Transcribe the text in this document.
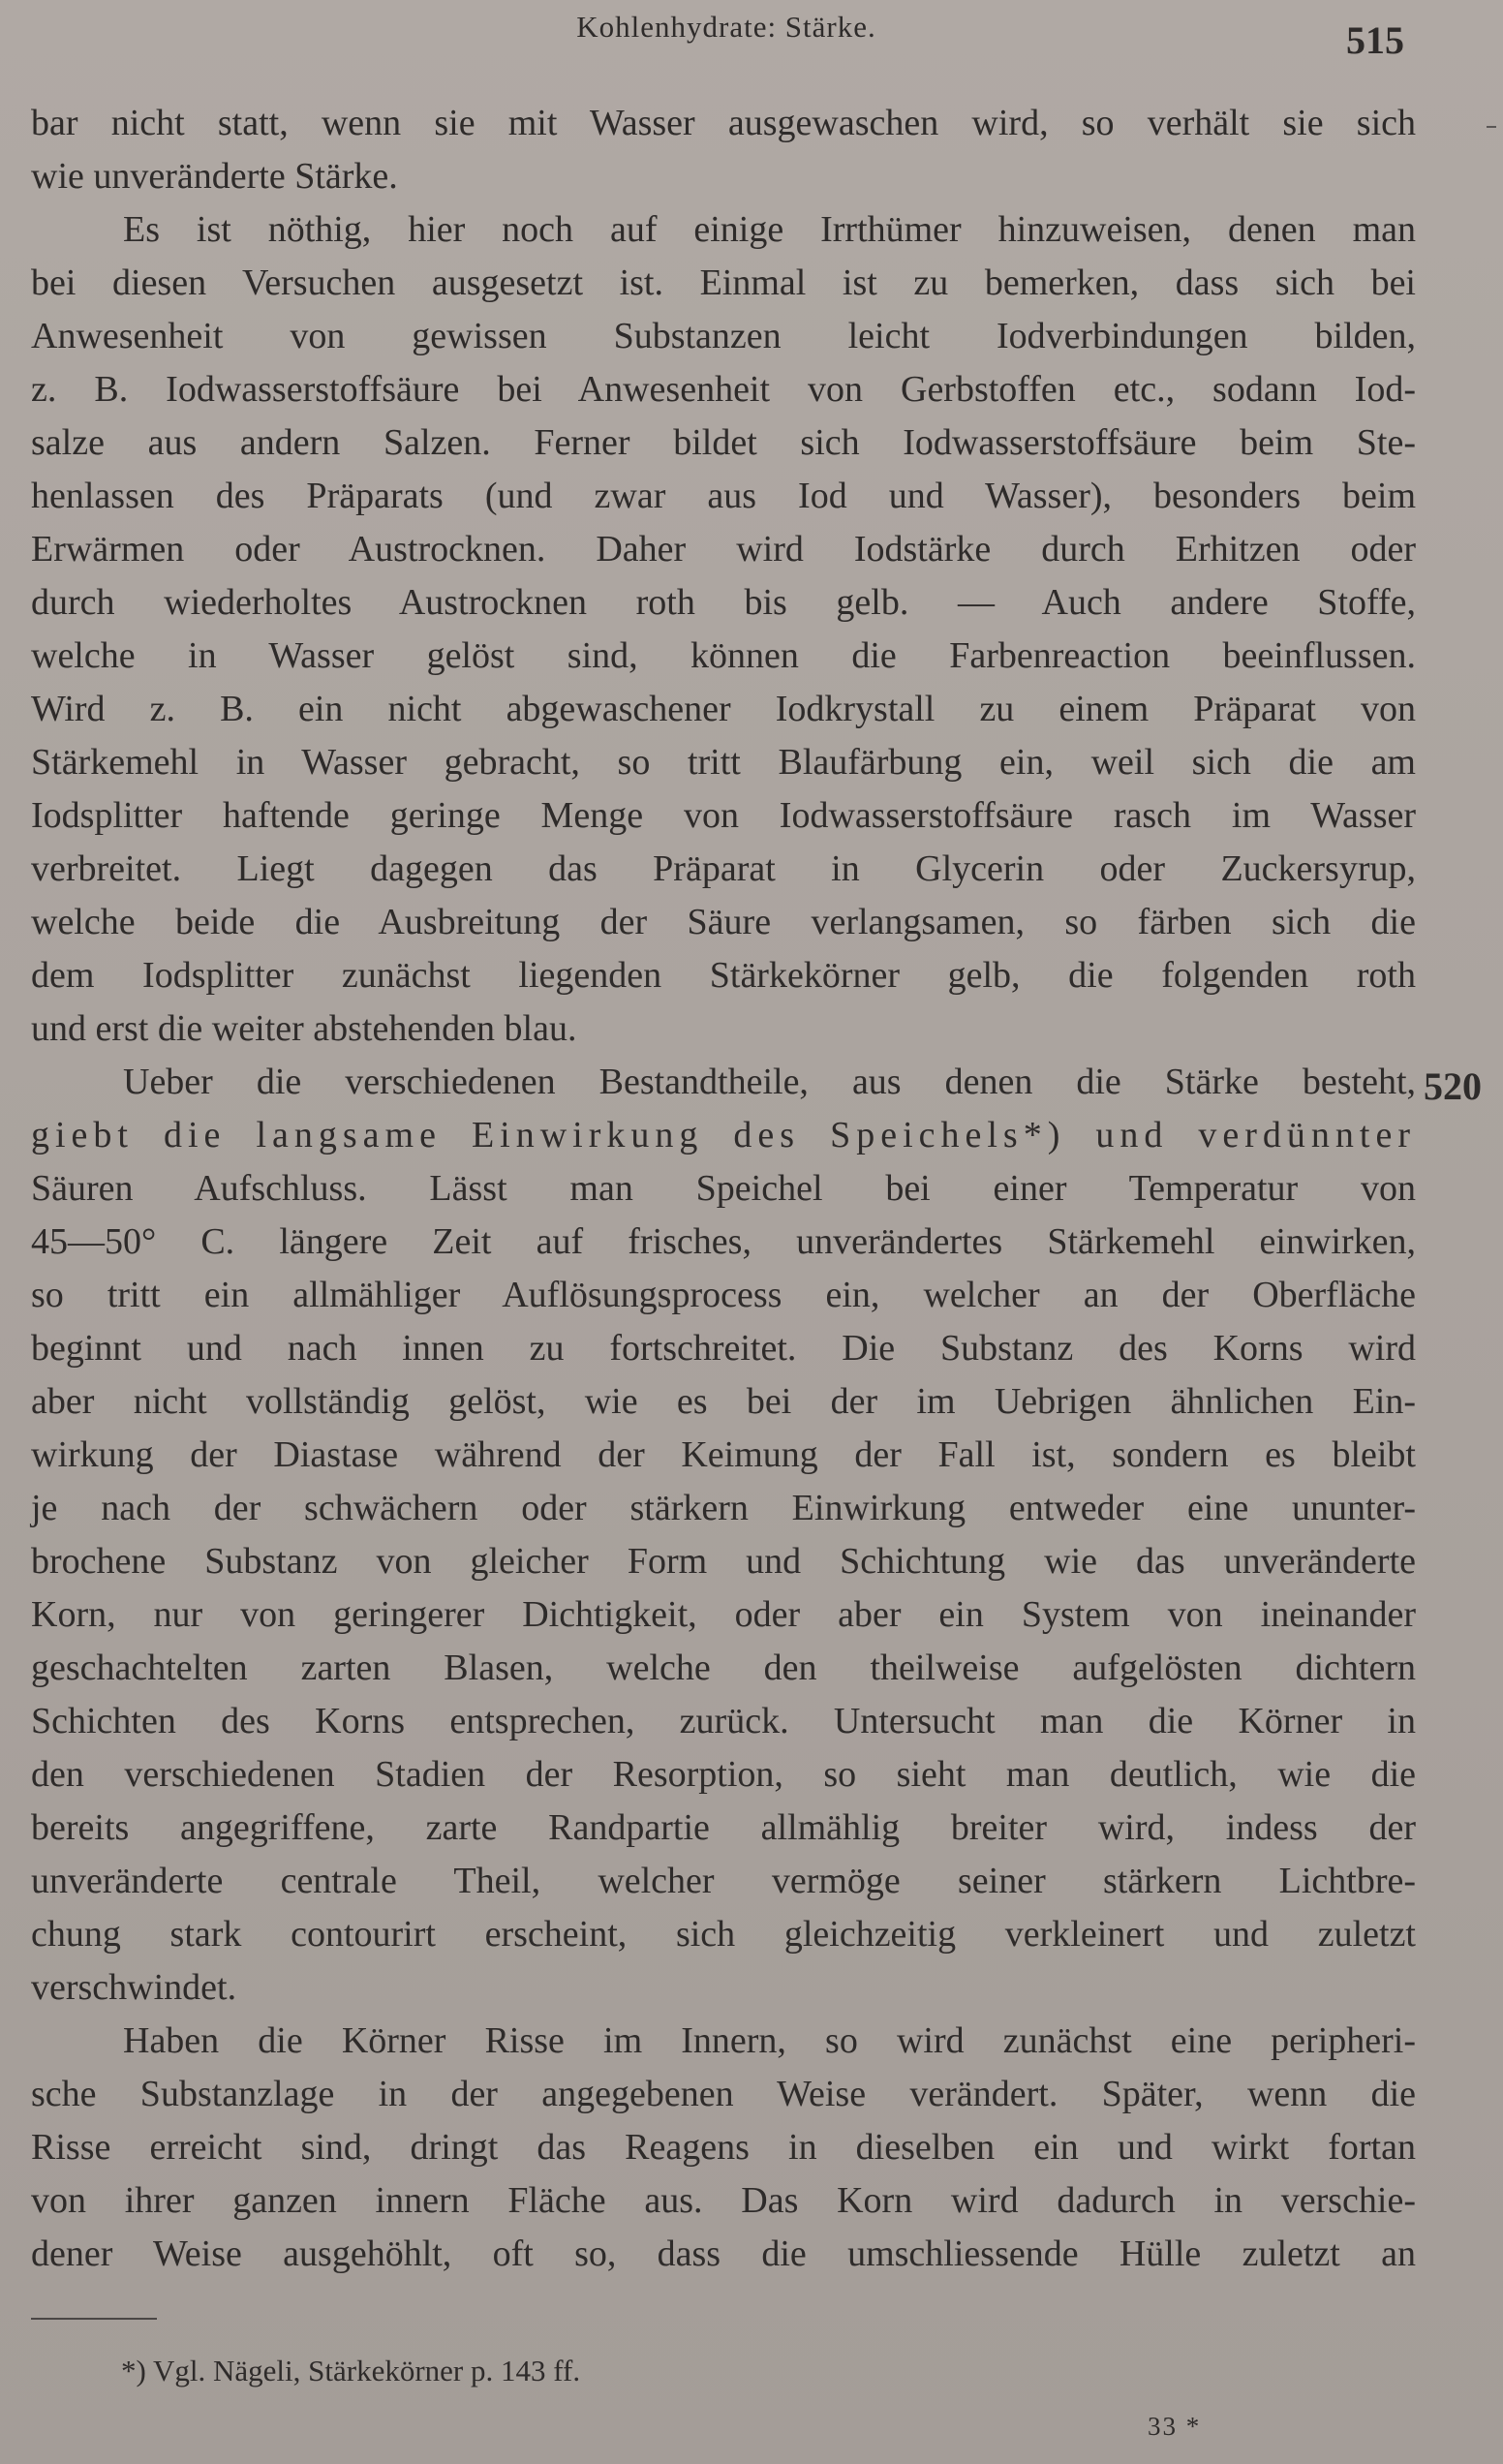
Kohlenhydrate: Stärke.	515
bar nicht statt, wenn sie mit Wasser ausgewaschen wird, so verhält sie sich
wie unveränderte Stärke.
Es ist nöthig, hier noch auf einige Irrthümer hinzuweisen, denen man
bei diesen Versuchen ausgesetzt ist. Einmal ist zu bemerken, dass sich bei
Anwesenheit von gewissen Substanzen leicht Iodverbindungen bilden,
z. B. Iodwasserstoffsäure bei Anwesenheit von Gerbstoffen etc., sodann Iod-
salze aus andern Salzen. Ferner bildet sich Iodwasserstoffsäure beim Ste-
henlassen des Präparats (und zwar aus Iod und Wasser), besonders beim
Erwärmen oder Austrocknen. Daher wird Iodstärke durch Erhitzen oder
durch wiederholtes Austrocknen roth bis gelb. — Auch andere Stoffe,
welche in Wasser gelöst sind, können die Farbenreaction beeinflussen.
Wird z. B. ein nicht abgewaschener Iodkrystall zu einem Präparat von
Stärkemehl in Wasser gebracht, so tritt Blaufärbung ein, weil sich die am
Iodsplitter haftende geringe Menge von Iodwasserstoffsäure rasch im Wasser
verbreitet. Liegt dagegen das Präparat in Glycerin oder Zuckersyrup,
welche beide die Ausbreitung der Säure verlangsamen, so färben sich die
dem Iodsplitter zunächst liegenden Stärkekörner gelb, die folgenden roth
und erst die weiter abstehenden blau.
Ueber die verschiedenen Bestandtheile, aus denen die Stärke besteht,
giebt die langsame Einwirkung des Speichels*) und verdünnter
Säuren Aufschluss. Lässt man Speichel bei einer Temperatur von
45—50° C. längere Zeit auf frisches, unverändertes Stärkemehl einwirken,
so tritt ein allmähliger Auflösungsprocess ein, welcher an der Oberfläche
beginnt und nach innen zu fortschreitet. Die Substanz des Korns wird
aber nicht vollständig gelöst, wie es bei der im Uebrigen ähnlichen Ein-
wirkung der Diastase während der Keimung der Fall ist, sondern es bleibt
je nach der schwächern oder stärkern Einwirkung entweder eine ununter-
brochene Substanz von gleicher Form und Schichtung wie das unveränderte
Korn, nur von geringerer Dichtigkeit, oder aber ein System von ineinander
geschachtelten zarten Blasen, welche den theilweise aufgelösten dichtern
Schichten des Korns entsprechen, zurück. Untersucht man die Körner in
den verschiedenen Stadien der Resorption, so sieht man deutlich, wie die
bereits angegriffene, zarte Randpartie allmählig breiter wird, indess der
unveränderte centrale Theil, welcher vermöge seiner stärkern Lichtbre-
chung stark contourirt erscheint, sich gleichzeitig verkleinert und zuletzt
verschwindet.
Haben die Körner Risse im Innern, so wird zunächst eine peripheri-
sche Substanzlage in der angegebenen Weise verändert. Später, wenn die
Risse erreicht sind, dringt das Reagens in dieselben ein und wirkt fortan
von ihrer ganzen innern Fläche aus. Das Korn wird dadurch in verschie-
dener Weise ausgehöhlt, oft so, dass die umschliessende Hülle zuletzt an
520
*) Vgl. Nägeli, Stärkekörner p. 143 ff.
33 *
